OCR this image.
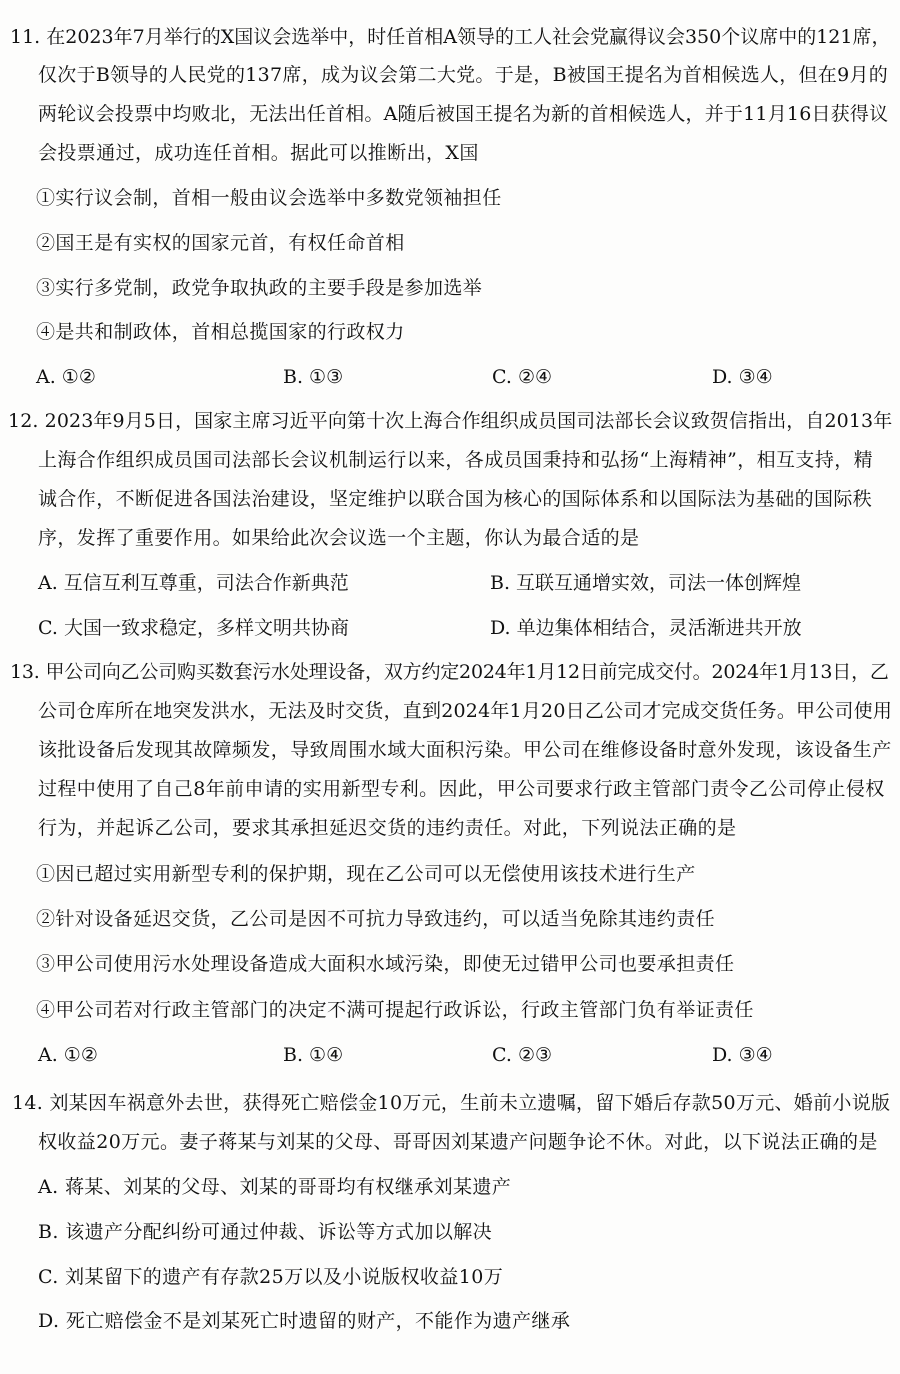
11. 在2023年7月举行的X国议会选举中，时任首相A领导的工人社会党赢得议会350个议席中的121席，
仅次于B领导的人民党的137席，成为议会第二大党。于是，B被国王提名为首相候选人，但在9月的
两轮议会投票中均败北，无法出任首相。A随后被国王提名为新的首相候选人，并于11月16日获得议
会投票通过，成功连任首相。据此可以推断出，X国
①实行议会制，首相一般由议会选举中多数党领袖担任
②国王是有实权的国家元首，有权任命首相
③实行多党制，政党争取执政的主要手段是参加选举
④是共和制政体，首相总揽国家的行政权力
A. ①②	B. ①③	C. ②④	D. ③④
12. 2023年9月5日，国家主席习近平向第十次上海合作组织成员国司法部长会议致贺信指出，自2013年
上海合作组织成员国司法部长会议机制运行以来，各成员国秉持和弘扬“上海精神”，相互支持，精
诚合作，不断促进各国法治建设，坚定维护以联合国为核心的国际体系和以国际法为基础的国际秩
序，发挥了重要作用。如果给此次会议选一个主题，你认为最合适的是
A. 互信互利互尊重，司法合作新典范	B. 互联互通增实效，司法一体创辉煌
C. 大国一致求稳定，多样文明共协商	D. 单边集体相结合，灵活渐进共开放
13. 甲公司向乙公司购买数套污水处理设备，双方约定2024年1月12日前完成交付。2024年1月13日，乙
公司仓库所在地突发洪水，无法及时交货，直到2024年1月20日乙公司才完成交货任务。甲公司使用
该批设备后发现其故障频发，导致周围水域大面积污染。甲公司在维修设备时意外发现，该设备生产
过程中使用了自己8年前申请的实用新型专利。因此，甲公司要求行政主管部门责令乙公司停止侵权
行为，并起诉乙公司，要求其承担延迟交货的违约责任。对此，下列说法正确的是
①因已超过实用新型专利的保护期，现在乙公司可以无偿使用该技术进行生产
②针对设备延迟交货，乙公司是因不可抗力导致违约，可以适当免除其违约责任
③甲公司使用污水处理设备造成大面积水域污染，即使无过错甲公司也要承担责任
④甲公司若对行政主管部门的决定不满可提起行政诉讼，行政主管部门负有举证责任
A. ①②	B. ①④	C. ②③	D. ③④
14. 刘某因车祸意外去世，获得死亡赔偿金10万元，生前未立遗嘱，留下婚后存款50万元、婚前小说版
权收益20万元。妻子蒋某与刘某的父母、哥哥因刘某遗产问题争论不休。对此，以下说法正确的是
A. 蒋某、刘某的父母、刘某的哥哥均有权继承刘某遗产
B. 该遗产分配纠纷可通过仲裁、诉讼等方式加以解决
C. 刘某留下的遗产有存款25万以及小说版权收益10万
D. 死亡赔偿金不是刘某死亡时遗留的财产，不能作为遗产继承
